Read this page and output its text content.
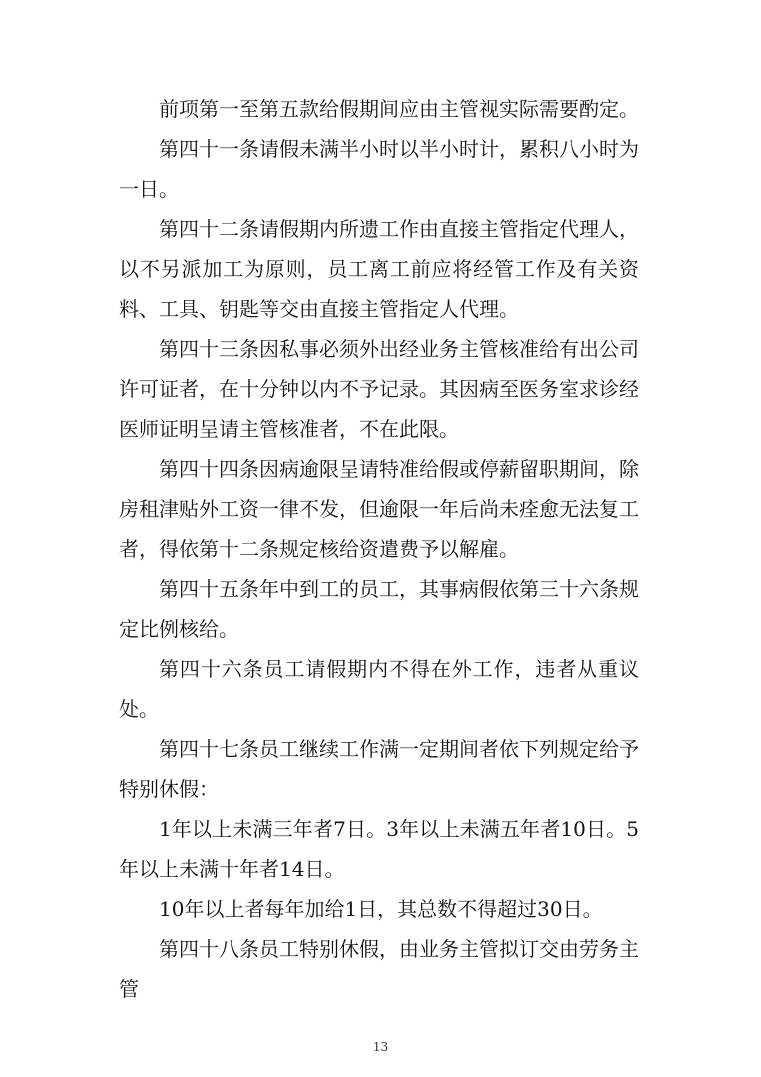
前项第一至第五款给假期间应由主管视实际需要酌定。

第四十一条请假未满半小时以半小时计，累积八小时为一日。

第四十二条请假期内所遗工作由直接主管指定代理人，以不另派加工为原则，员工离工前应将经管工作及有关资料、工具、钥匙等交由直接主管指定人代理。

第四十三条因私事必须外出经业务主管核准给有出公司许可证者，在十分钟以内不予记录。其因病至医务室求诊经医师证明呈请主管核准者，不在此限。

第四十四条因病逾限呈请特准给假或停薪留职期间，除房租津贴外工资一律不发，但逾限一年后尚未痊愈无法复工者，得依第十二条规定核给资遣费予以解雇。

第四十五条年中到工的员工，其事病假依第三十六条规定比例核给。

第四十六条员工请假期内不得在外工作，违者从重议处。

第四十七条员工继续工作满一定期间者依下列规定给予特别休假：

1年以上未满三年者7日。3年以上未满五年者10日。5年以上未满十年者14日。

10年以上者每年加给1日，其总数不得超过30日。

第四十八条员工特别休假，由业务主管拟订交由劳务主管

13
